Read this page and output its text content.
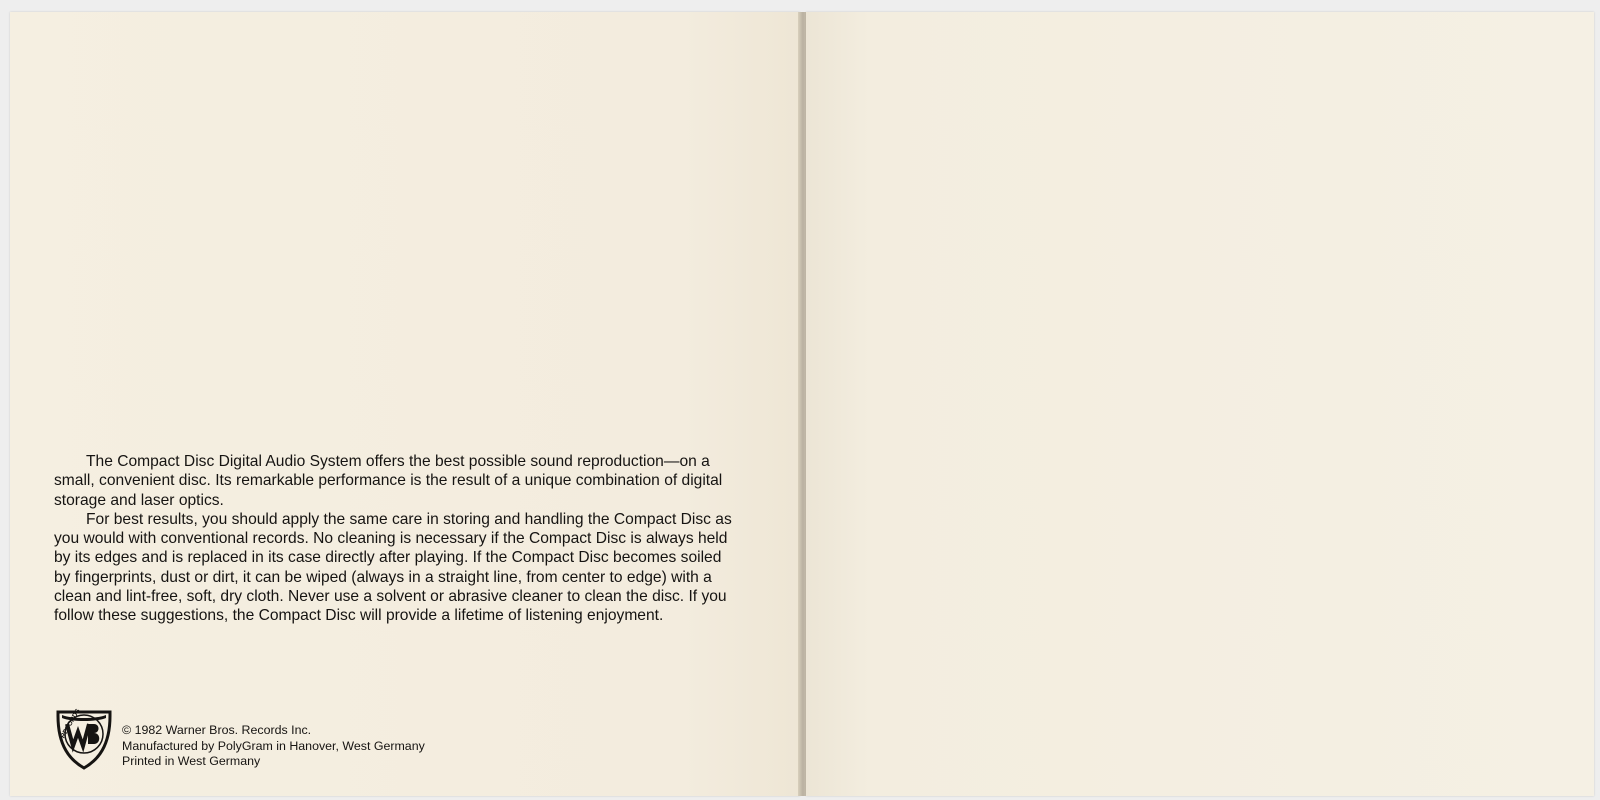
The Compact Disc Digital Audio System offers the best possible sound reproduction—on a small, convenient disc. Its remarkable performance is the result of a unique combination of digital storage and laser optics.

For best results, you should apply the same care in storing and handling the Compact Disc as you would with conventional records. No cleaning is necessary if the Compact Disc is always held by its edges and is replaced in its case directly after playing. If the Compact Disc becomes soiled by fingerprints, dust or dirt, it can be wiped (always in a straight line, from center to edge) with a clean and lint-free, soft, dry cloth. Never use a solvent or abrasive cleaner to clean the disc. If you follow these suggestions, the Compact Disc will provide a lifetime of listening enjoyment.

RECORDS	© 1982 Warner Bros. Records Inc.
Manufactured by PolyGram in Hanover, West Germany
Printed in West Germany
